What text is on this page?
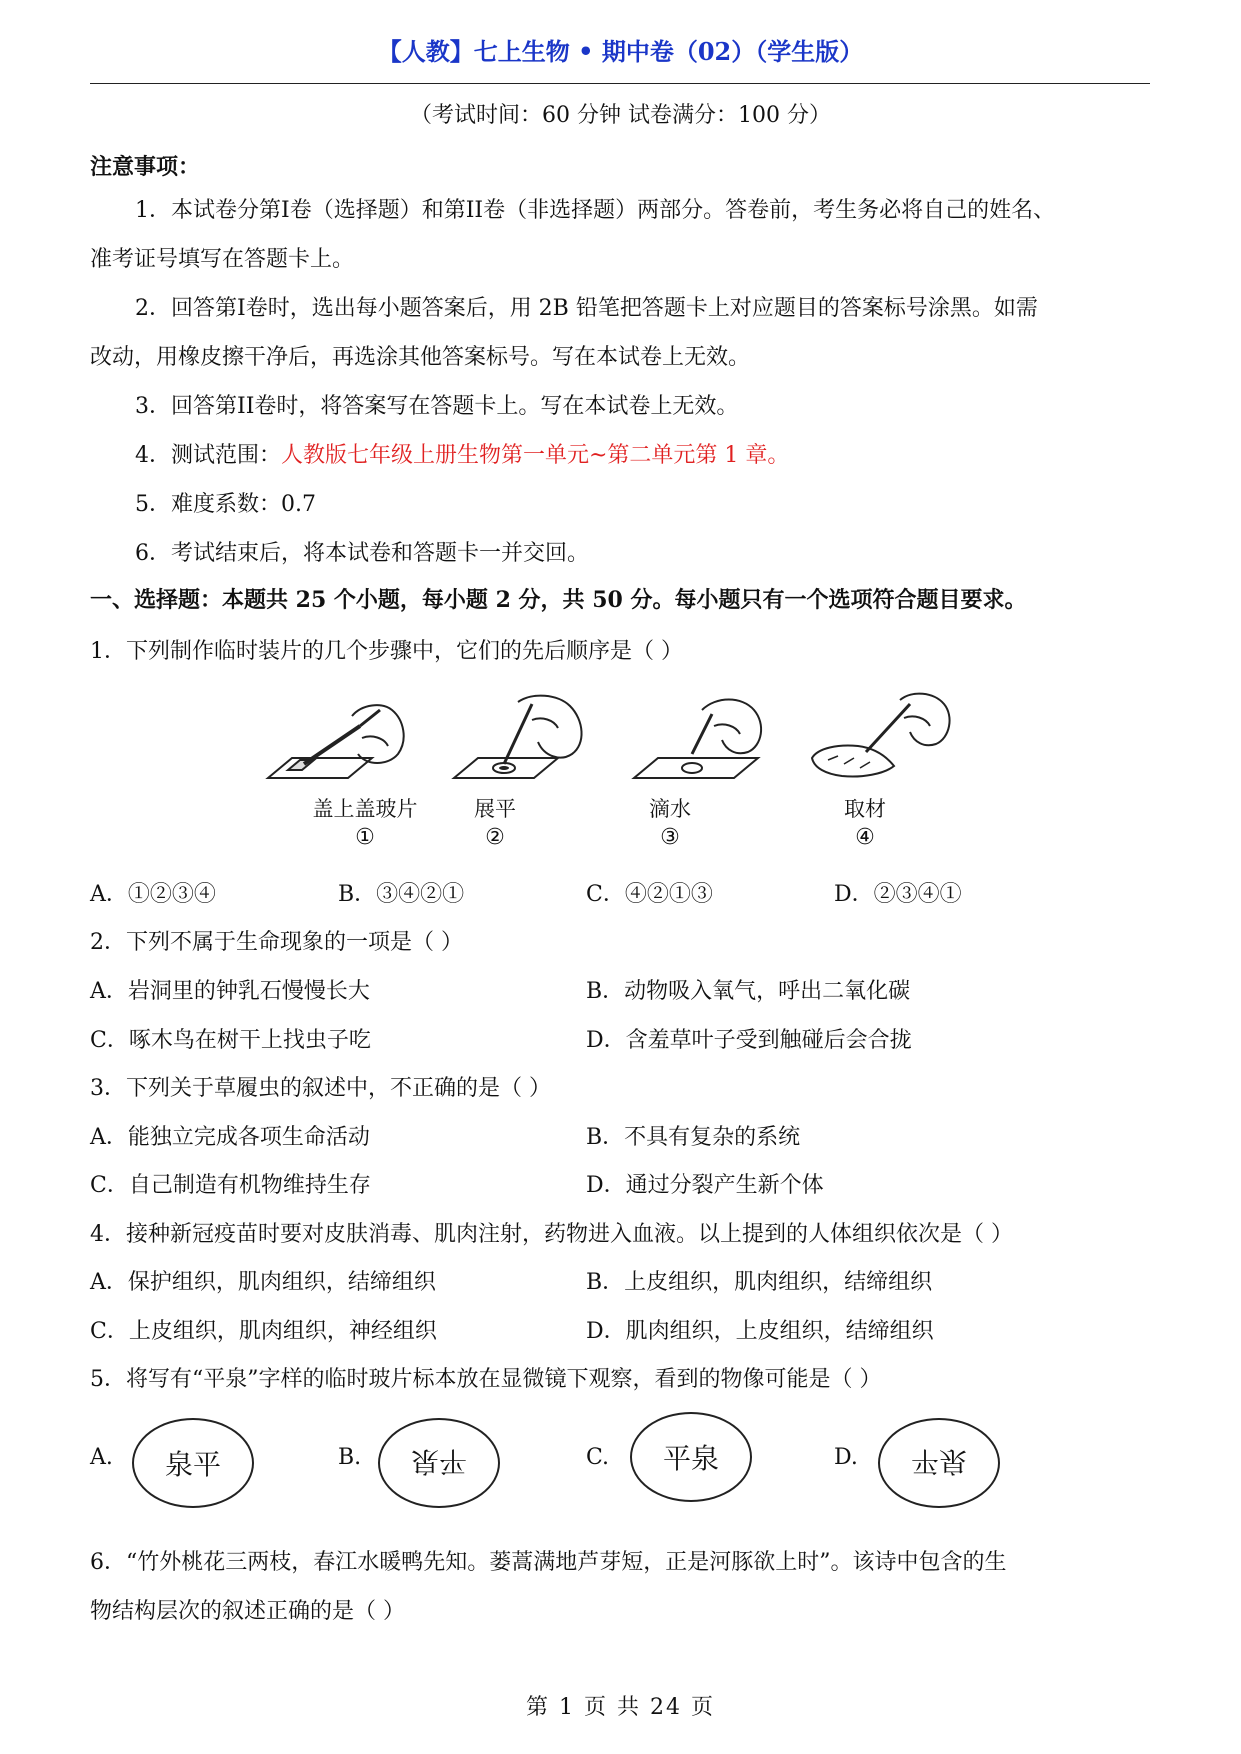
【人教】七上生物 • 期中卷（02）（学生版）
（考试时间：60 分钟 试卷满分：100 分）
注意事项：
1．本试卷分第I卷（选择题）和第II卷（非选择题）两部分。答卷前，考生务必将自己的姓名、
准考证号填写在答题卡上。
2．回答第I卷时，选出每小题答案后，用 2B 铅笔把答题卡上对应题目的答案标号涂黑。如需
改动，用橡皮擦干净后，再选涂其他答案标号。写在本试卷上无效。
3．回答第II卷时，将答案写在答题卡上。写在本试卷上无效。
4．测试范围：人教版七年级上册生物第一单元~第二单元第 1 章。
5．难度系数：0.7
6．考试结束后，将本试卷和答题卡一并交回。
一、选择题：本题共 25 个小题，每小题 2 分，共 50 分。每小题只有一个选项符合题目要求。
1．下列制作临时装片的几个步骤中，它们的先后顺序是（ ）
盖上盖玻片
①
展平
②
滴水
③
取材
④
A．①②③④	B．③④②①	C．④②①③	D．②③④①
2．下列不属于生命现象的一项是（ ）
A．岩洞里的钟乳石慢慢长大	B．动物吸入氧气，呼出二氧化碳
C．啄木鸟在树干上找虫子吃	D．含羞草叶子受到触碰后会合拢
3．下列关于草履虫的叙述中，不正确的是（ ）
A．能独立完成各项生命活动	B．不具有复杂的系统
C．自己制造有机物维持生存	D．通过分裂产生新个体
4．接种新冠疫苗时要对皮肤消毒、肌肉注射，药物进入血液。以上提到的人体组织依次是（ ）
A．保护组织，肌肉组织，结缔组织	B．上皮组织，肌肉组织，结缔组织
C．上皮组织，肌肉组织，神经组织	D．肌肉组织，上皮组织，结缔组织
5．将写有“平泉”字样的临时玻片标本放在显微镜下观察，看到的物像可能是（ ）
A. 泉平	B. 平泉	C. 平泉	D. 平泉
6．“竹外桃花三两枝，春江水暖鸭先知。蒌蒿满地芦芽短，正是河豚欲上时”。该诗中包含的生
物结构层次的叙述正确的是（ ）
第 1 页 共 24 页
